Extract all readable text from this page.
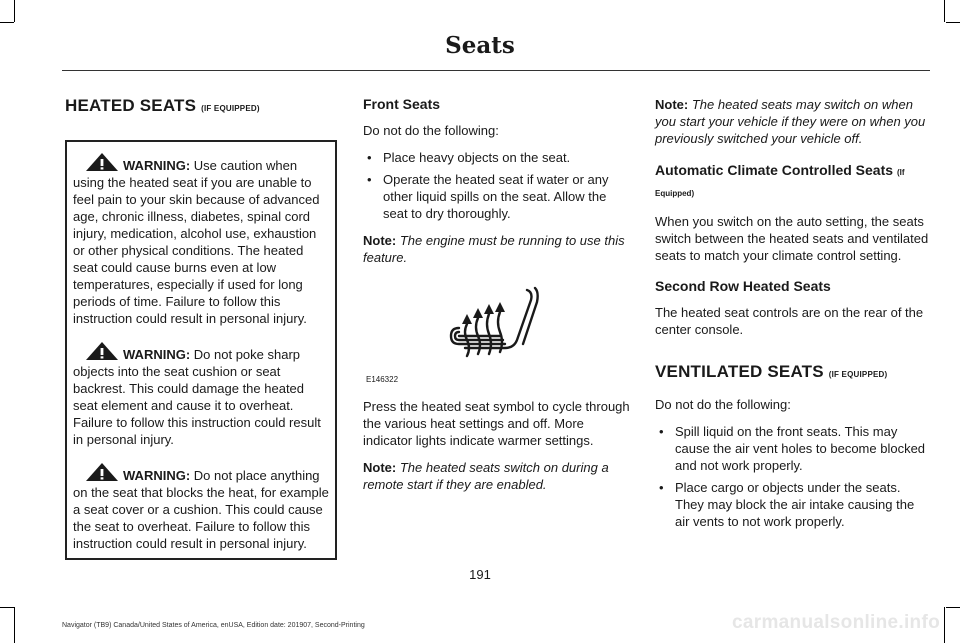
Seats
HEATED SEATS (IF EQUIPPED)

WARNING: Use caution when using the heated seat if you are unable to feel pain to your skin because of advanced age, chronic illness, diabetes, spinal cord injury, medication, alcohol use, exhaustion or other physical conditions. The heated seat could cause burns even at low temperatures, especially if used for long periods of time. Failure to follow this instruction could result in personal injury.

WARNING: Do not poke sharp objects into the seat cushion or seat backrest. This could damage the heated seat element and cause it to overheat. Failure to follow this instruction could result in personal injury.

WARNING: Do not place anything on the seat that blocks the heat, for example a seat cover or a cushion. This could cause the seat to overheat. Failure to follow this instruction could result in personal injury.

Front Seats

Do not do the following:

• Place heavy objects on the seat.
• Operate the heated seat if water or any other liquid spills on the seat. Allow the seat to dry thoroughly.

Note: The engine must be running to use this feature.

E146322

Press the heated seat symbol to cycle through the various heat settings and off. More indicator lights indicate warmer settings.

Note: The heated seats switch on during a remote start if they are enabled.

Note: The heated seats may switch on when you start your vehicle if they were on when you previously switched your vehicle off.

Automatic Climate Controlled Seats (If Equipped)

When you switch on the auto setting, the seats switch between the heated seats and ventilated seats to match your climate control setting.

Second Row Heated Seats

The heated seat controls are on the rear of the center console.

VENTILATED SEATS (IF EQUIPPED)

Do not do the following:

• Spill liquid on the front seats. This may cause the air vent holes to become blocked and not work properly.
• Place cargo or objects under the seats. They may block the air intake causing the air vents to not work properly.
191
Navigator (TB9) Canada/United States of America, enUSA, Edition date: 201907, Second-Printing	carmanualsonline.info
